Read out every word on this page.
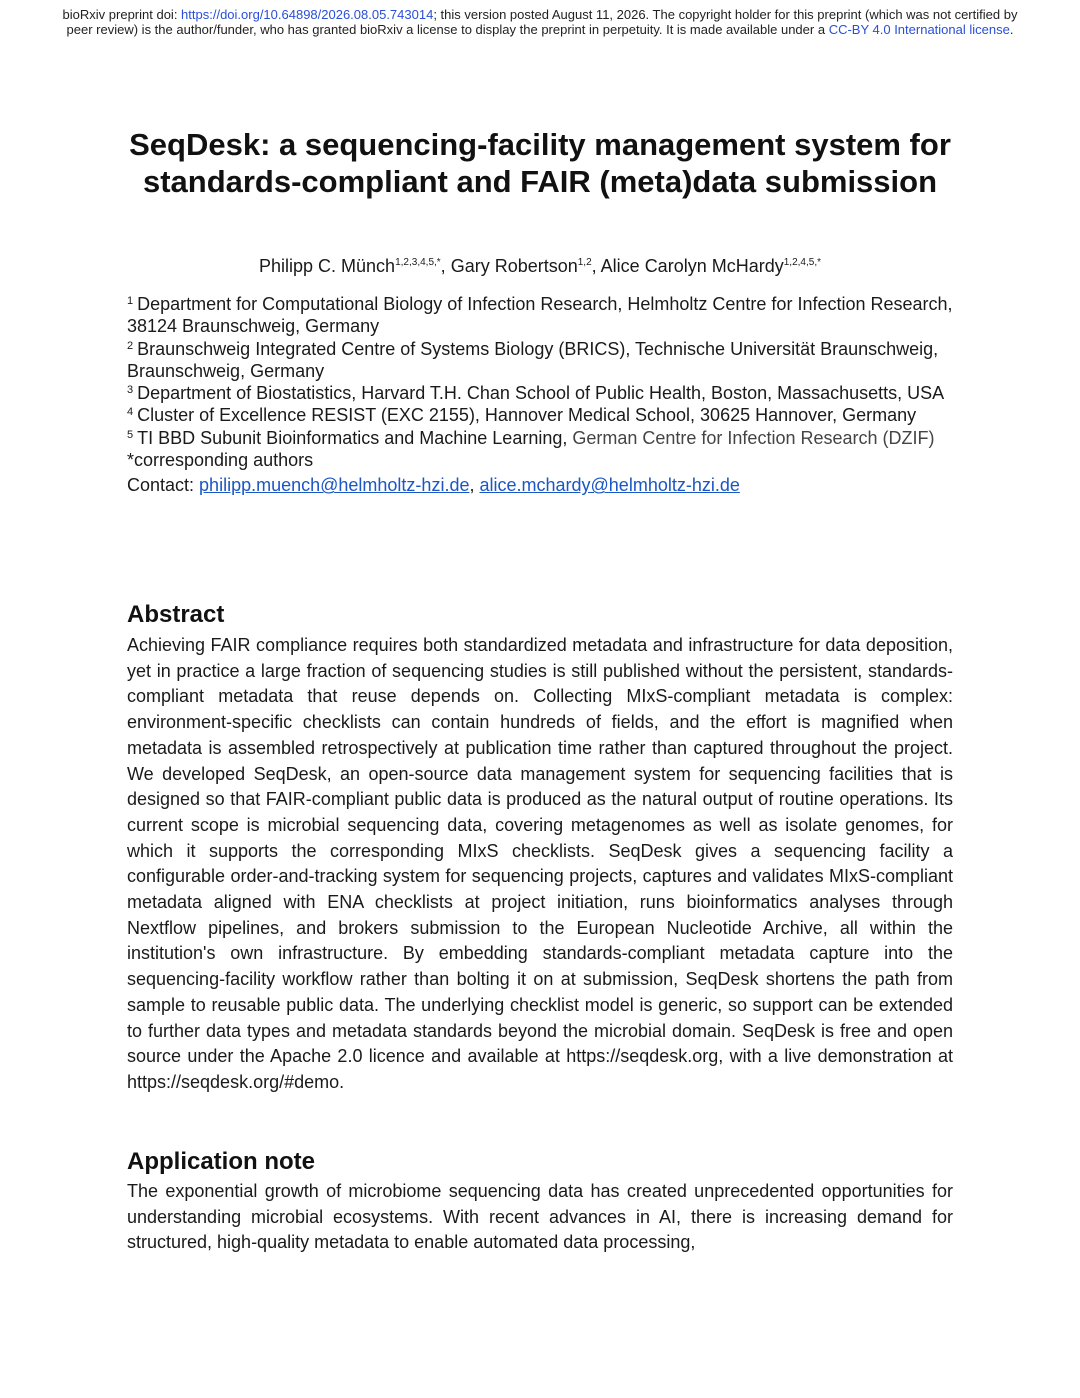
bioRxiv preprint doi: https://doi.org/10.64898/2026.08.05.743014; this version posted August 11, 2026. The copyright holder for this preprint (which was not certified by peer review) is the author/funder, who has granted bioRxiv a license to display the preprint in perpetuity. It is made available under a CC-BY 4.0 International license.
SeqDesk: a sequencing-facility management system for standards-compliant and FAIR (meta)data submission
Philipp C. Münch$^{1,2,3,4,5,*}$, Gary Robertson$^{1,2}$, Alice Carolyn McHardy$^{1,2,4,5,*}$

$^1$ Department for Computational Biology of Infection Research, Helmholtz Centre for Infection Research, 38124 Braunschweig, Germany

$^2$ Braunschweig Integrated Centre of Systems Biology (BRICS), Technische Universität Braunschweig, Braunschweig, Germany

$^3$ Department of Biostatistics, Harvard T.H. Chan School of Public Health, Boston, Massachusetts, USA

$^4$ Cluster of Excellence RESIST (EXC 2155), Hannover Medical School, 30625 Hannover, Germany

$^5$ TI BBD Subunit Bioinformatics and Machine Learning, German Centre for Infection Research (DZIF)

*corresponding authors

Contact: philipp.muench@helmholtz-hzi.de, alice.mchardy@helmholtz-hzi.de

Abstract

Achieving FAIR compliance requires both standardized metadata and infrastructure for data deposition, yet in practice a large fraction of sequencing studies is still published without the persistent, standards-compliant metadata that reuse depends on. Collecting MIxS-compliant metadata is complex: environment-specific checklists can contain hundreds of fields, and the effort is magnified when metadata is assembled retrospectively at publication time rather than captured throughout the project. We developed SeqDesk, an open-source data management system for sequencing facilities that is designed so that FAIR-compliant public data is produced as the natural output of routine operations. Its current scope is microbial sequencing data, covering metagenomes as well as isolate genomes, for which it supports the corresponding MIxS checklists. SeqDesk gives a sequencing facility a configurable order-and-tracking system for sequencing projects, captures and validates MIxS-compliant metadata aligned with ENA checklists at project initiation, runs bioinformatics analyses through Nextflow pipelines, and brokers submission to the European Nucleotide Archive, all within the institution's own infrastructure. By embedding standards-compliant metadata capture into the sequencing-facility workflow rather than bolting it on at submission, SeqDesk shortens the path from sample to reusable public data. The underlying checklist model is generic, so support can be extended to further data types and metadata standards beyond the microbial domain. SeqDesk is free and open source under the Apache 2.0 licence and available at https://seqdesk.org, with a live demonstration at https://seqdesk.org/#demo.

Application note

The exponential growth of microbiome sequencing data has created unprecedented opportunities for understanding microbial ecosystems. With recent advances in AI, there is increasing demand for structured, high-quality metadata to enable automated data processing,
